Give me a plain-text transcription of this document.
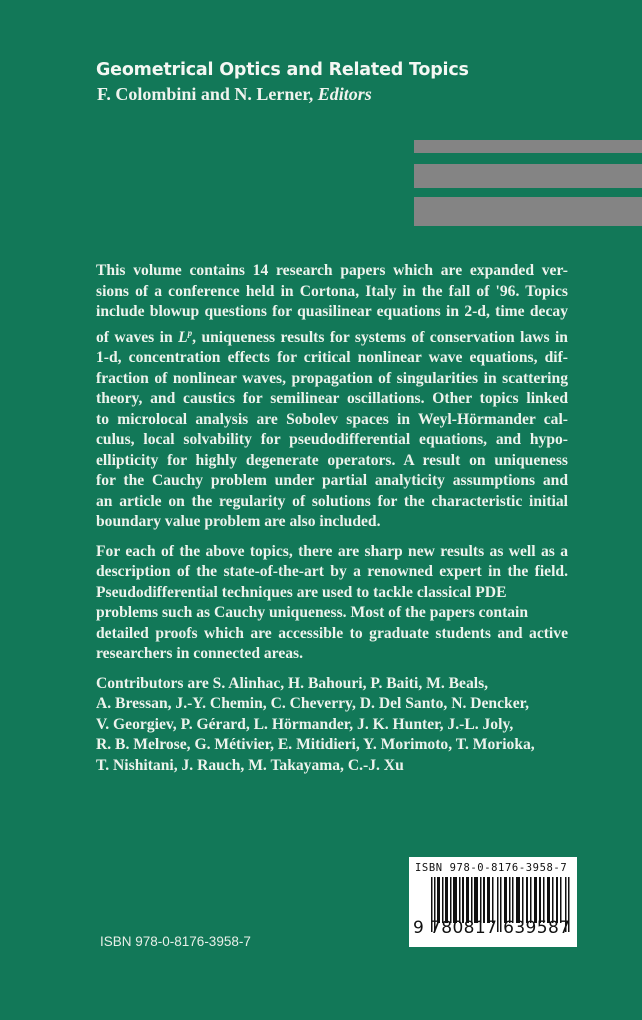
Geometrical Optics and Related Topics
F. Colombini and N. Lerner, Editors

This volume contains 14 research papers which are expanded ver-
sions of a conference held in Cortona, Italy in the fall of '96. Topics
include blowup questions for quasilinear equations in 2-d, time decay
of waves in $L^p$, uniqueness results for systems of conservation laws in
1-d, concentration effects for critical nonlinear wave equations, dif-
fraction of nonlinear waves, propagation of singularities in scattering
theory, and caustics for semilinear oscillations. Other topics linked
to microlocal analysis are Sobolev spaces in Weyl-Hörmander cal-
culus, local solvability for pseudodifferential equations, and hypo-
ellipticity for highly degenerate operators. A result on uniqueness
for the Cauchy problem under partial analyticity assumptions and
an article on the regularity of solutions for the characteristic initial
boundary value problem are also included.

For each of the above topics, there are sharp new results as well as a
description of the state-of-the-art by a renowned expert in the field.
Pseudodifferential techniques are used to tackle classical PDE
problems such as Cauchy uniqueness. Most of the papers contain
detailed proofs which are accessible to graduate students and active
researchers in connected areas.

Contributors are S. Alinhac, H. Bahouri, P. Baiti, M. Beals,
A. Bressan, J.-Y. Chemin, C. Cheverry, D. Del Santo, N. Dencker,
V. Georgiev, P. Gérard, L. Hörmander, J. K. Hunter, J.-L. Joly,
R. B. Melrose, G. Métivier, E. Mitidieri, Y. Morimoto, T. Morioka,
T. Nishitani, J. Rauch, M. Takayama, C.-J. Xu

ISBN 978-0-8176-3958-7
ISBN 978-0-8176-3958-7
9 780817 639587
